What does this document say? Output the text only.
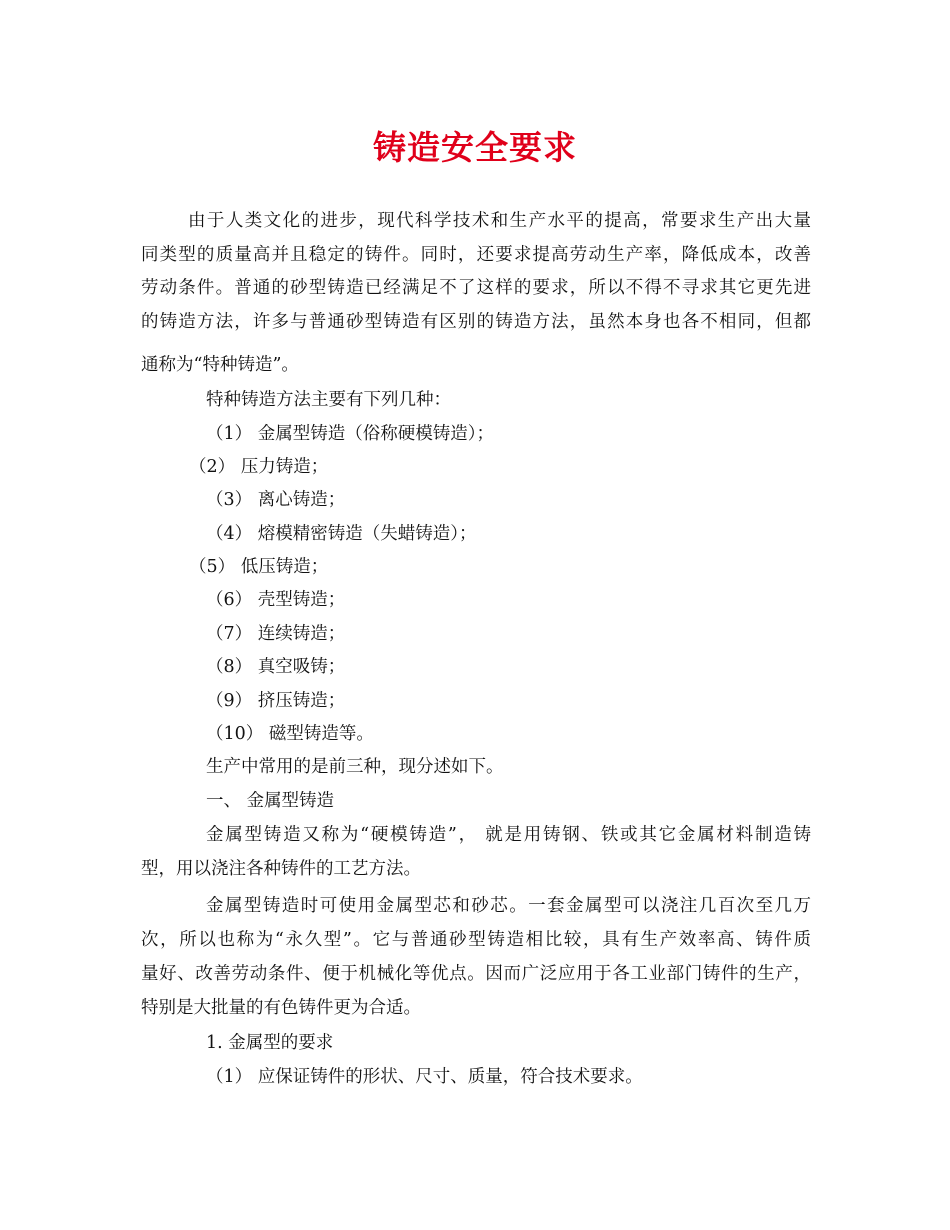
铸造安全要求
由于人类文化的进步，现代科学技术和生产水平的提高，常要求生产出大量
同类型的质量高并且稳定的铸件。同时，还要求提高劳动生产率，降低成本，改善
劳动条件。普通的砂型铸造已经满足不了这样的要求，所以不得不寻求其它更先进
的铸造方法，许多与普通砂型铸造有区别的铸造方法，虽然本身也各不相同，但都
通称为“特种铸造”。
特种铸造方法主要有下列几种：
（1） 金属型铸造（俗称硬模铸造）；
（2） 压力铸造；
（3） 离心铸造；
（4） 熔模精密铸造（失蜡铸造）；
（5） 低压铸造；
（6） 壳型铸造；
（7） 连续铸造；
（8） 真空吸铸；
（9） 挤压铸造；
（10） 磁型铸造等。
生产中常用的是前三种，现分述如下。
一、 金属型铸造
金属型铸造又称为“硬模铸造”， 就是用铸钢、铁或其它金属材料制造铸
型，用以浇注各种铸件的工艺方法。
金属型铸造时可使用金属型芯和砂芯。一套金属型可以浇注几百次至几万
次，所以也称为“永久型”。它与普通砂型铸造相比较，具有生产效率高、铸件质
量好、改善劳动条件、便于机械化等优点。因而广泛应用于各工业部门铸件的生产，
特别是大批量的有色铸件更为合适。
1. 金属型的要求
（1） 应保证铸件的形状、尺寸、质量，符合技术要求。
